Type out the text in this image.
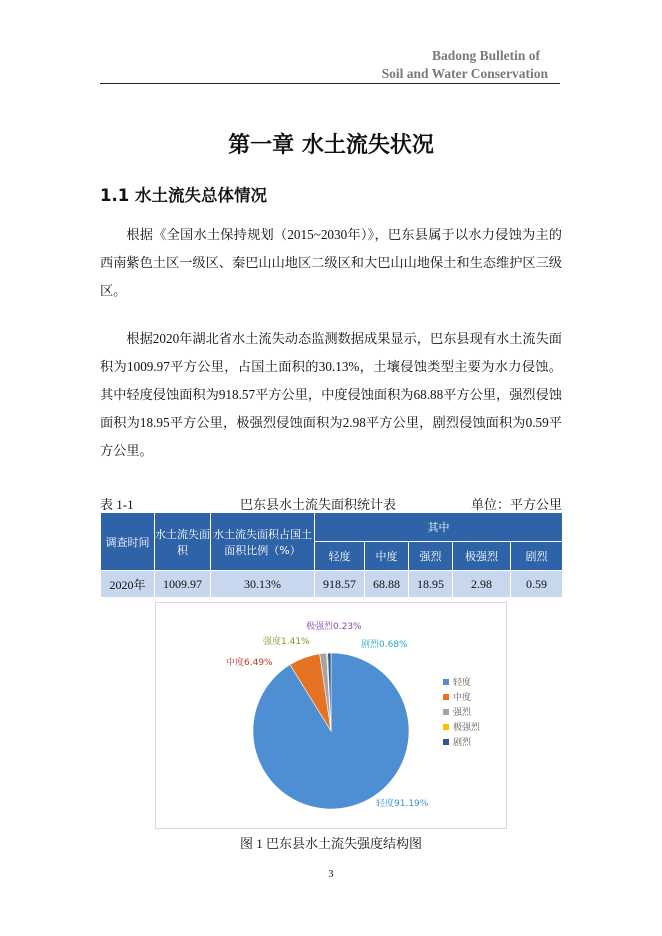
Badong Bulletin of
Soil and Water Conservation
第一章 水土流失状况
1.1 水土流失总体情况
根据《全国水土保持规划（2015~2030年）》，巴东县属于以水力侵蚀为主的西南紫色土区一级区、秦巴山山地区二级区和大巴山山地保土和生态维护区三级区。
根据2020年湖北省水土流失动态监测数据成果显示，巴东县现有水土流失面积为1009.97平方公里，占国土面积的30.13%，土壤侵蚀类型主要为水力侵蚀。其中轻度侵蚀面积为918.57平方公里，中度侵蚀面积为68.88平方公里，强烈侵蚀面积为18.95平方公里，极强烈侵蚀面积为2.98平方公里，剧烈侵蚀面积为0.59平方公里。
表 1-1	巴东县水土流失面积统计表	单位：平方公里
调查时间	水土流失面积	水土流失面积占国土面积比例（%）	其中				
			轻度	中度	强烈	极强烈	剧烈
2020年	1009.97	30.13%	918.57	68.88	18.95	2.98	0.59
轻度91.19%
中度6.49%
强度1.41%
极强烈0.23%
剧烈0.68%
轻度
中度
强烈
极强烈
剧烈
图 1 巴东县水土流失强度结构图
3
